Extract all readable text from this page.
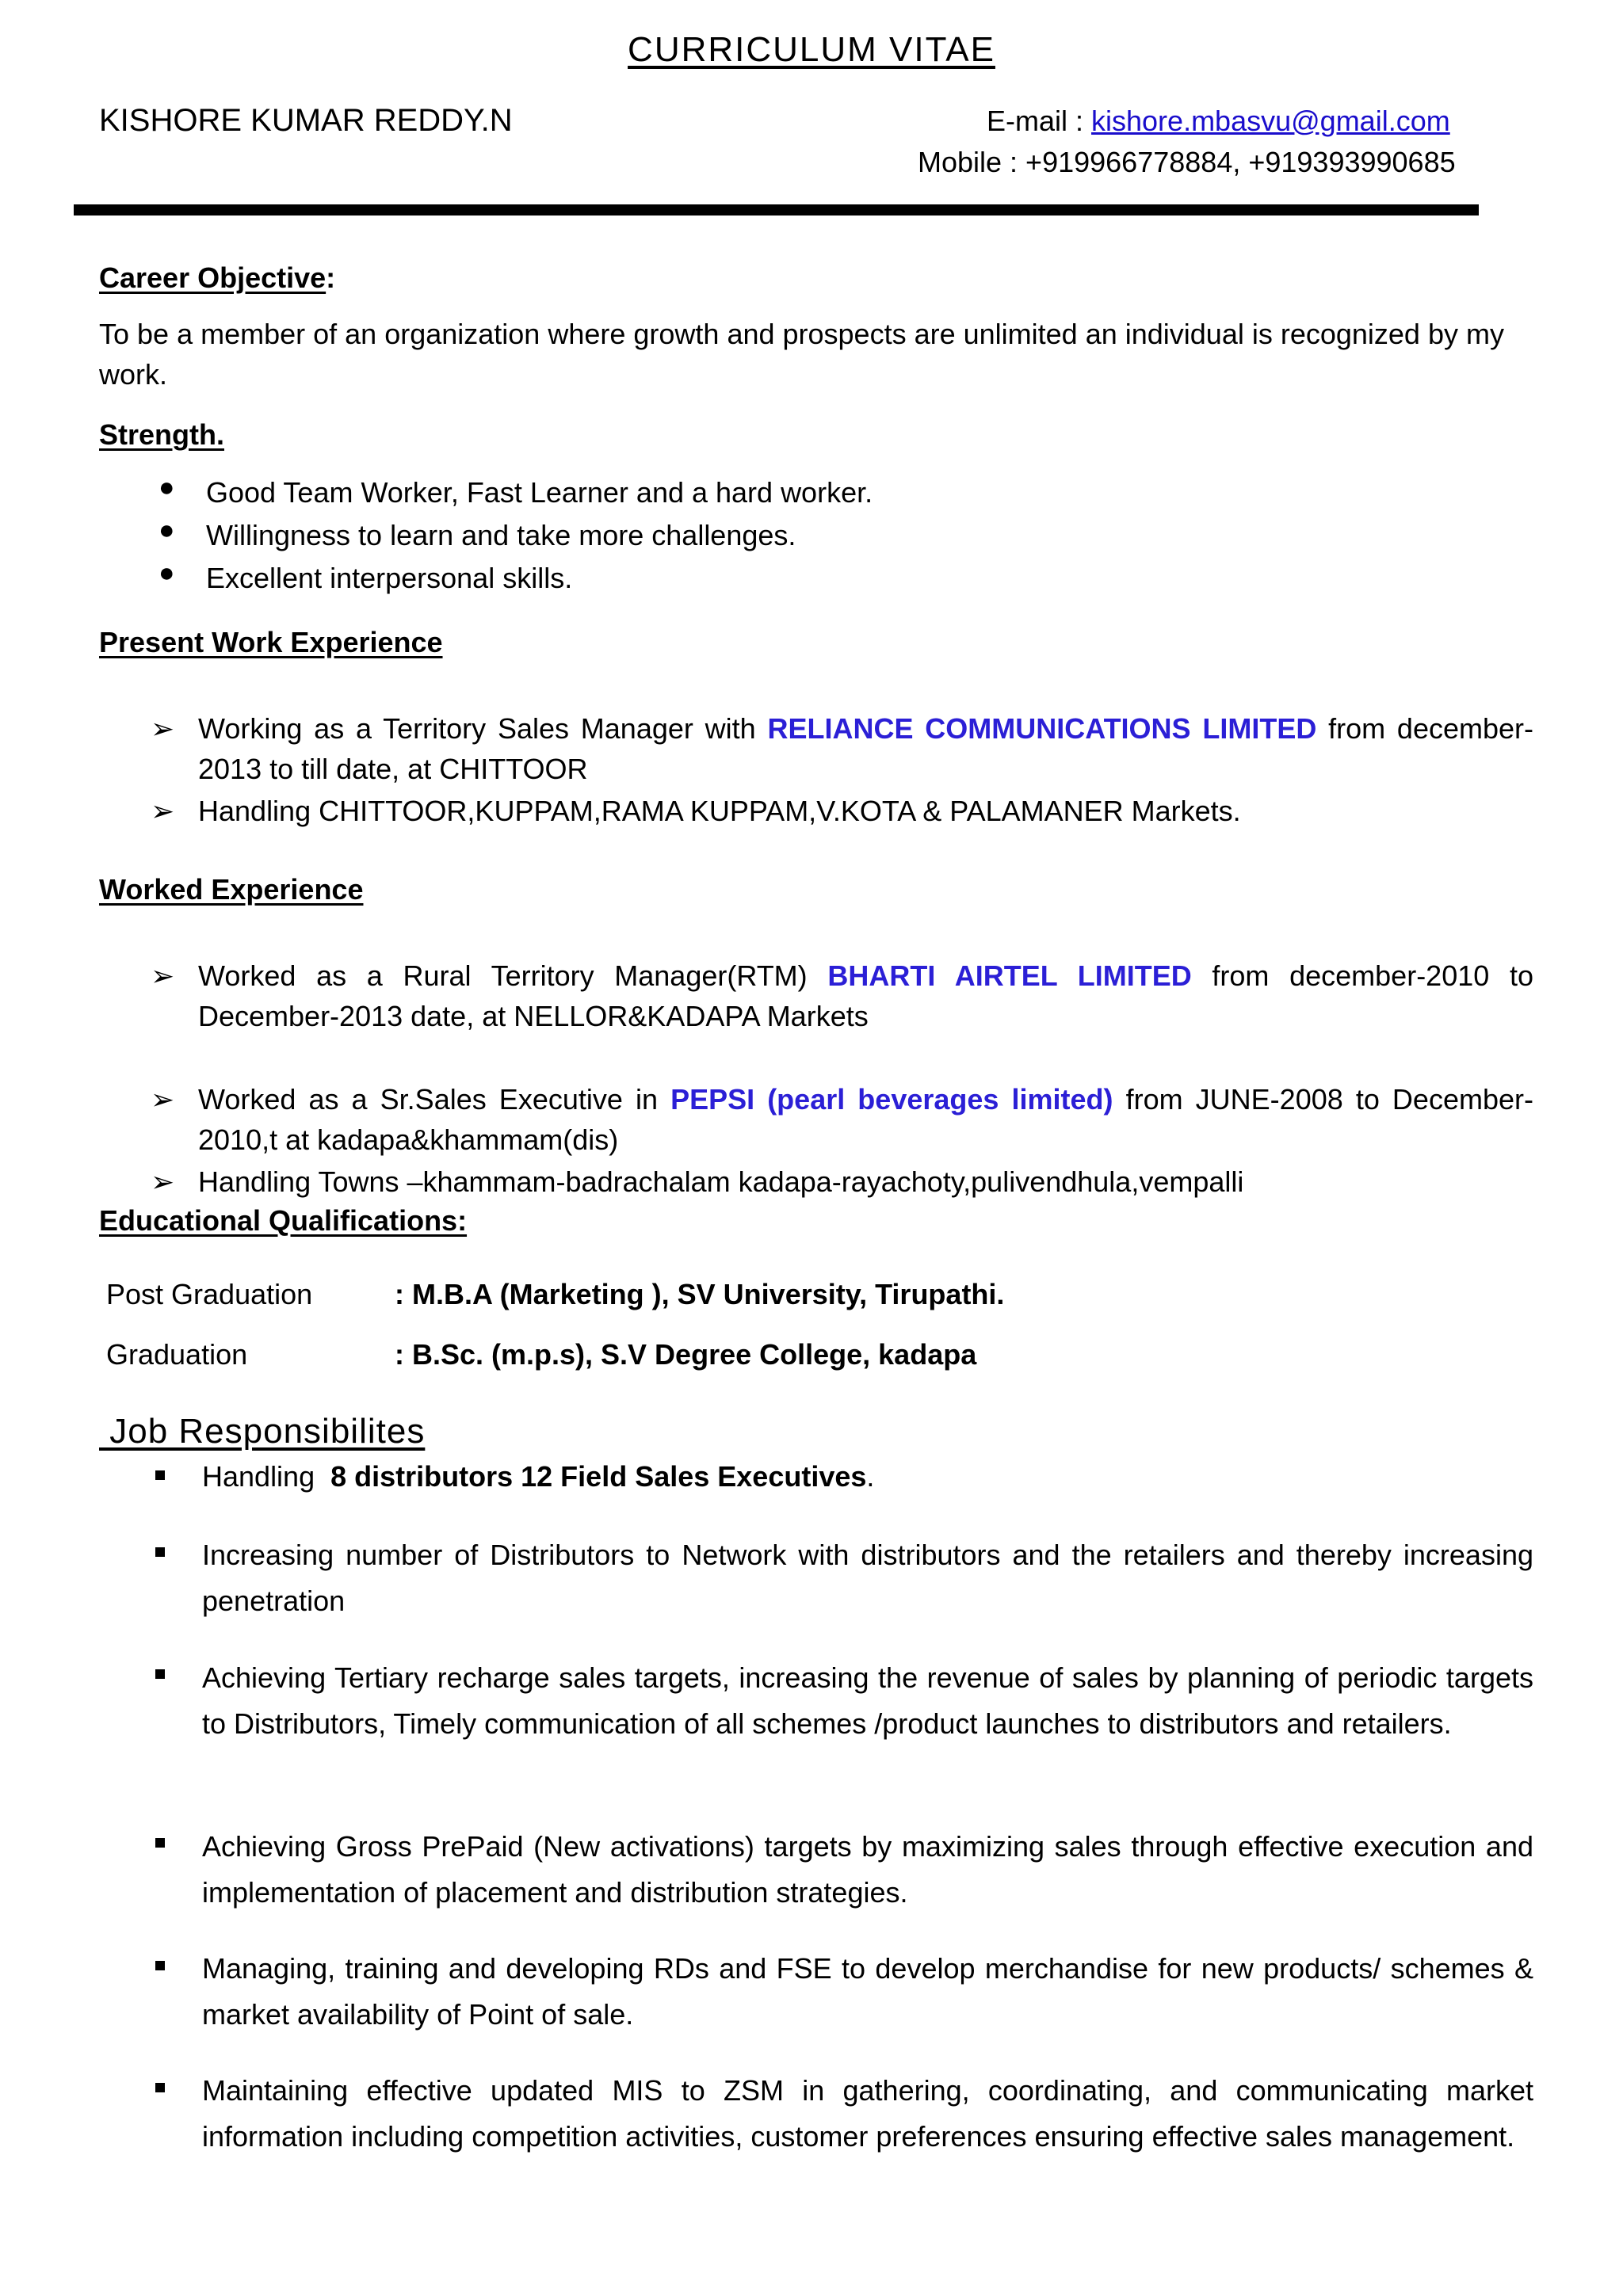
CURRICULUM VITAE
KISHORE KUMAR REDDY.N	E-mail : kishore.mbasvu@gmail.com
Mobile : +919966778884, +919393990685
Career Objective:
To be a member of an organization where growth and prospects are unlimited an individual is recognized by my work.
Strength.
● Good Team Worker, Fast Learner and a hard worker.
● Willingness to learn and take more challenges.
● Excellent interpersonal skills.
Present Work Experience
➢ Working as a Territory Sales Manager with RELIANCE COMMUNICATIONS LIMITED from december-2013 to till date, at CHITTOOR
➢ Handling CHITTOOR,KUPPAM,RAMA KUPPAM,V.KOTA & PALAMANER Markets.
Worked Experience
➢ Worked as a Rural Territory Manager(RTM) BHARTI AIRTEL LIMITED from december-2010 to December-2013 date, at NELLOR&KADAPA Markets
➢ Worked as a Sr.Sales Executive in PEPSI (pearl beverages limited) from JUNE-2008 to December-2010,t at kadapa&khammam(dis)
➢ Handling Towns –khammam-badrachalam kadapa-rayachoty,pulivendhula,vempalli
Educational Qualifications:
Post Graduation	: M.B.A (Marketing ), SV University, Tirupathi.
Graduation	: B.Sc. (m.p.s), S.V Degree College, kadapa
Job Responsibilites
Handling  8 distributors 12 Field Sales Executives.
Increasing number of Distributors to Network with distributors and the retailers and thereby increasing penetration
Achieving Tertiary recharge sales targets, increasing the revenue of sales by planning of periodic targets to Distributors, Timely communication of all schemes /product launches to distributors and retailers.
Achieving Gross PrePaid (New activations) targets by maximizing sales through effective execution and implementation of placement and distribution strategies.
Managing, training and developing RDs and FSE to develop merchandise for new products/ schemes & market availability of Point of sale.
Maintaining effective updated MIS to ZSM in gathering, coordinating, and communicating market information including competition activities, customer preferences ensuring effective sales management.
